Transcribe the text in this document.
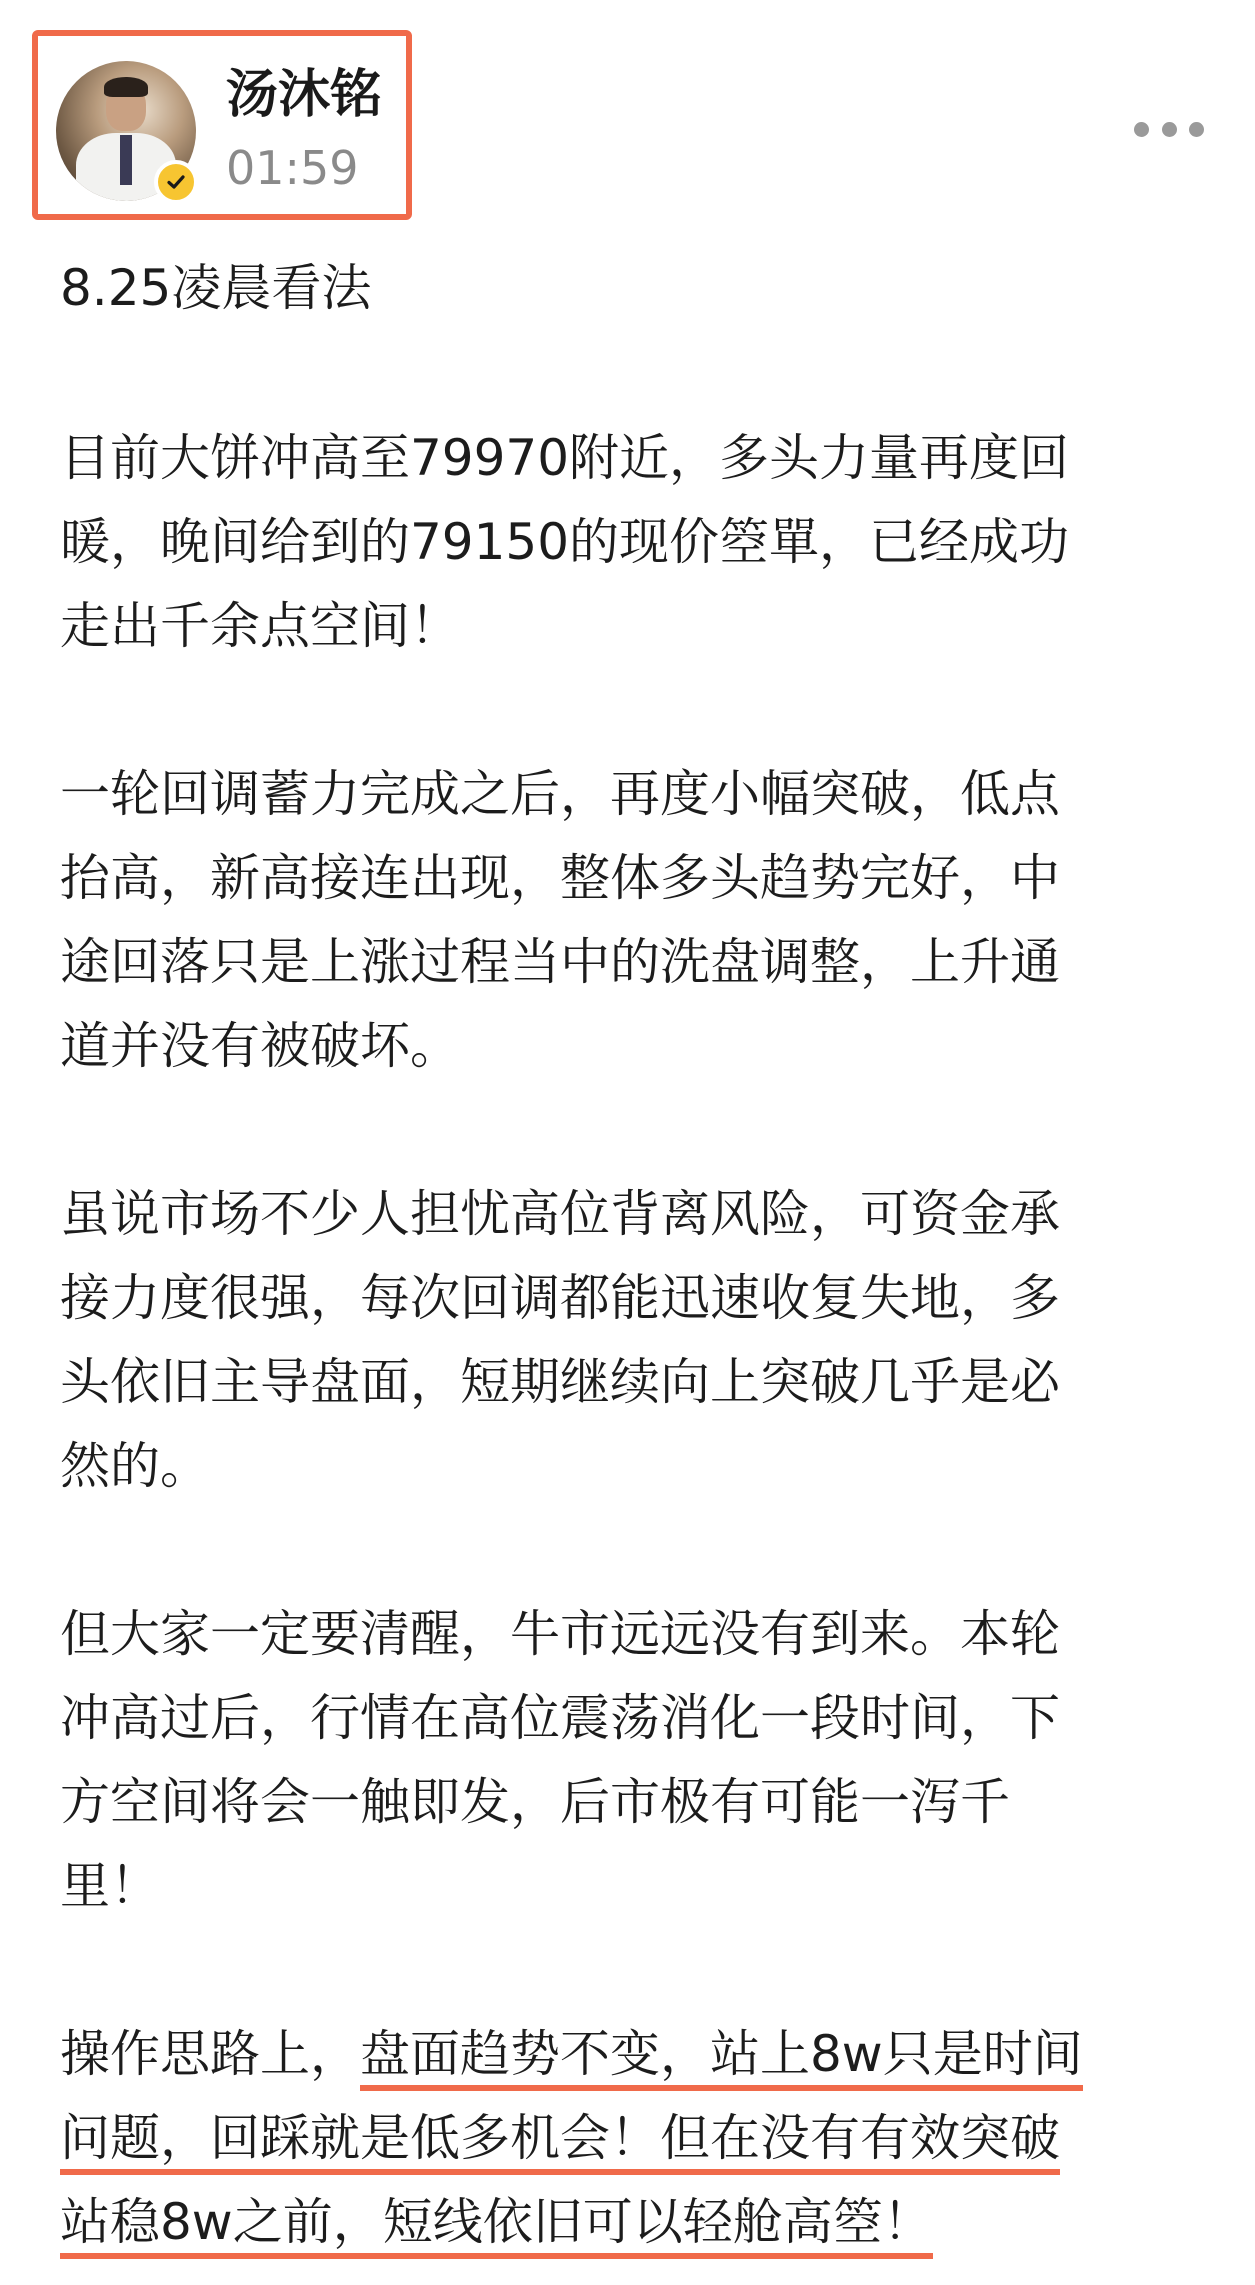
汤沐铭
01:59
8.25凌晨看法
目前大饼冲高至79970附近，多头力量再度回
暖，晚间给到的79150的现价箜單，已经成功
走出千余点空间！
一轮回调蓄力完成之后，再度小幅突破，低点
抬高，新高接连出现，整体多头趋势完好，中
途回落只是上涨过程当中的洗盘调整，上升通
道并没有被破坏。
虽说市场不少人担忧高位背离风险，可资金承
接力度很强，每次回调都能迅速收复失地，多
头依旧主导盘面，短期继续向上突破几乎是必
然的。
但大家一定要清醒，牛市远远没有到来。本轮
冲高过后，行情在高位震荡消化一段时间，下
方空间将会一触即发，后市极有可能一泻千
里！
操作思路上，盘面趋势不变，站上8w只是时间
问题，回踩就是低多机会！但在没有有效突破
站稳8w之前，短线依旧可以轻舱高箜！
